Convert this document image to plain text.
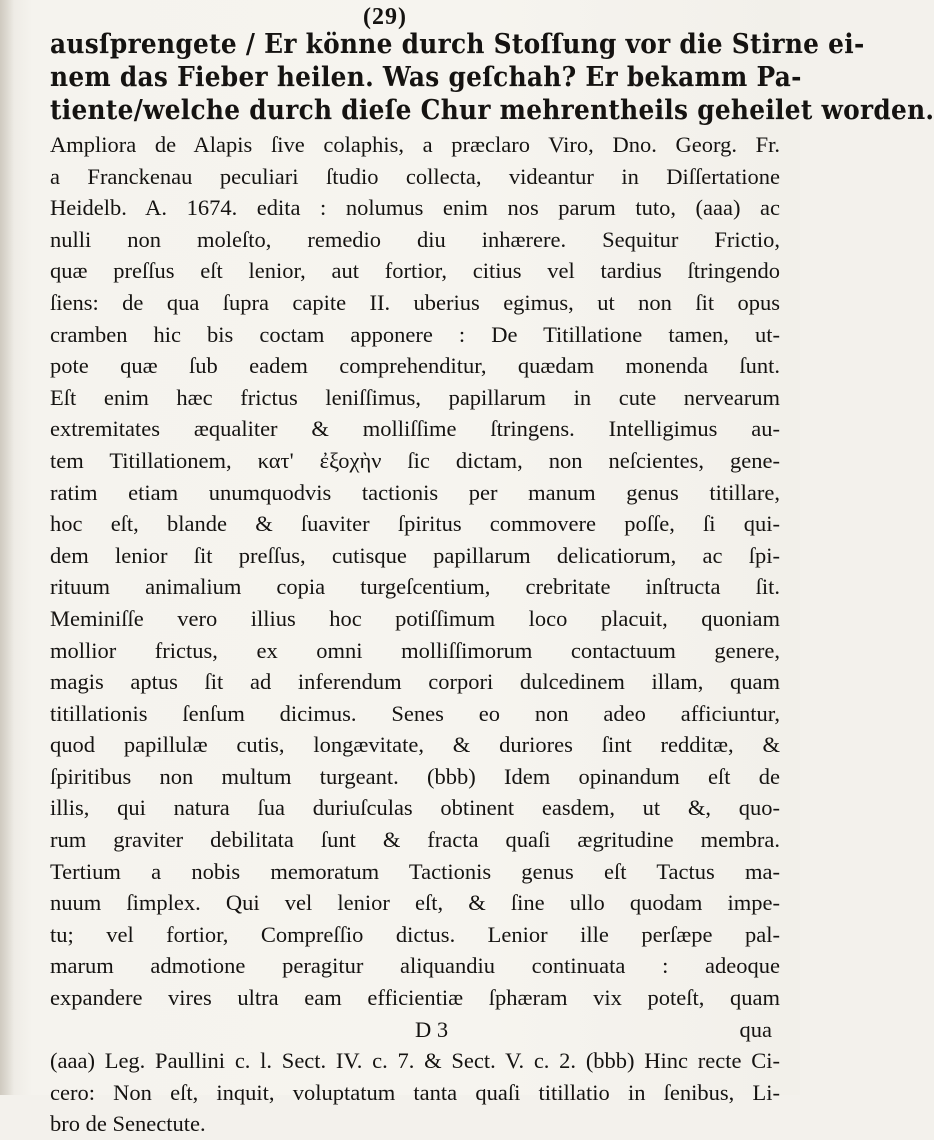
(29)
ausſprengete / Er könne durch Stoſſung vor die Stirne ei-
nem das Fieber heilen. Was geſchah? Er bekamm Pa-
tiente/welche durch dieſe Chur mehrentheils geheilet worden.
Ampliora de Alapis ſive colaphis, a præclaro Viro, Dno. Georg. Fr.
a Franckenau peculiari ſtudio collecta, videantur in Diſſertatione
Heidelb. A. 1674. edita : nolumus enim nos parum tuto, (aaa) ac
nulli non moleſto, remedio diu inhærere. Sequitur Frictio,
quæ preſſus eſt lenior, aut fortior, citius vel tardius ſtringendo
ſiens: de qua ſupra capite II. uberius egimus, ut non ſit opus
cramben hic bis coctam apponere : De Titillatione tamen, ut-
pote quæ ſub eadem comprehenditur, quædam monenda ſunt.
Eſt enim hæc frictus leniſſimus, papillarum in cute nervearum
extremitates æqualiter & molliſſime ſtringens. Intelligimus au-
tem Titillationem, κατ' ἐξοχὴν ſic dictam, non neſcientes, gene-
ratim etiam unumquodvis tactionis per manum genus titillare,
hoc eſt, blande & ſuaviter ſpiritus commovere poſſe, ſi qui-
dem lenior ſit preſſus, cutisque papillarum delicatiorum, ac ſpi-
rituum animalium copia turgeſcentium, crebritate inſtructa ſit.
Meminiſſe vero illius hoc potiſſimum loco placuit, quoniam
mollior frictus, ex omni molliſſimorum contactuum genere,
magis aptus ſit ad inferendum corpori dulcedinem illam, quam
titillationis ſenſum dicimus. Senes eo non adeo afficiuntur,
quod papillulæ cutis, longævitate, & duriores ſint redditæ, &
ſpiritibus non multum turgeant. (bbb) Idem opinandum eſt de
illis, qui natura ſua duriuſculas obtinent easdem, ut &, quo-
rum graviter debilitata ſunt & fracta quaſi ægritudine membra.
Tertium a nobis memoratum Tactionis genus eſt Tactus ma-
nuum ſimplex. Qui vel lenior eſt, & ſine ullo quodam impe-
tu; vel fortior, Compreſſio dictus. Lenior ille perſæpe pal-
marum admotione peragitur aliquandiu continuata : adeoque
expandere vires ultra eam efficientiæ ſphæram vix poteſt, quam
D 3	qua
(aaa) Leg. Paullini c. l. Sect. IV. c. 7. & Sect. V. c. 2. (bbb) Hinc recte Ci-
cero: Non eſt, inquit, voluptatum tanta quaſi titillatio in ſenibus, Li-
bro de Senectute.
